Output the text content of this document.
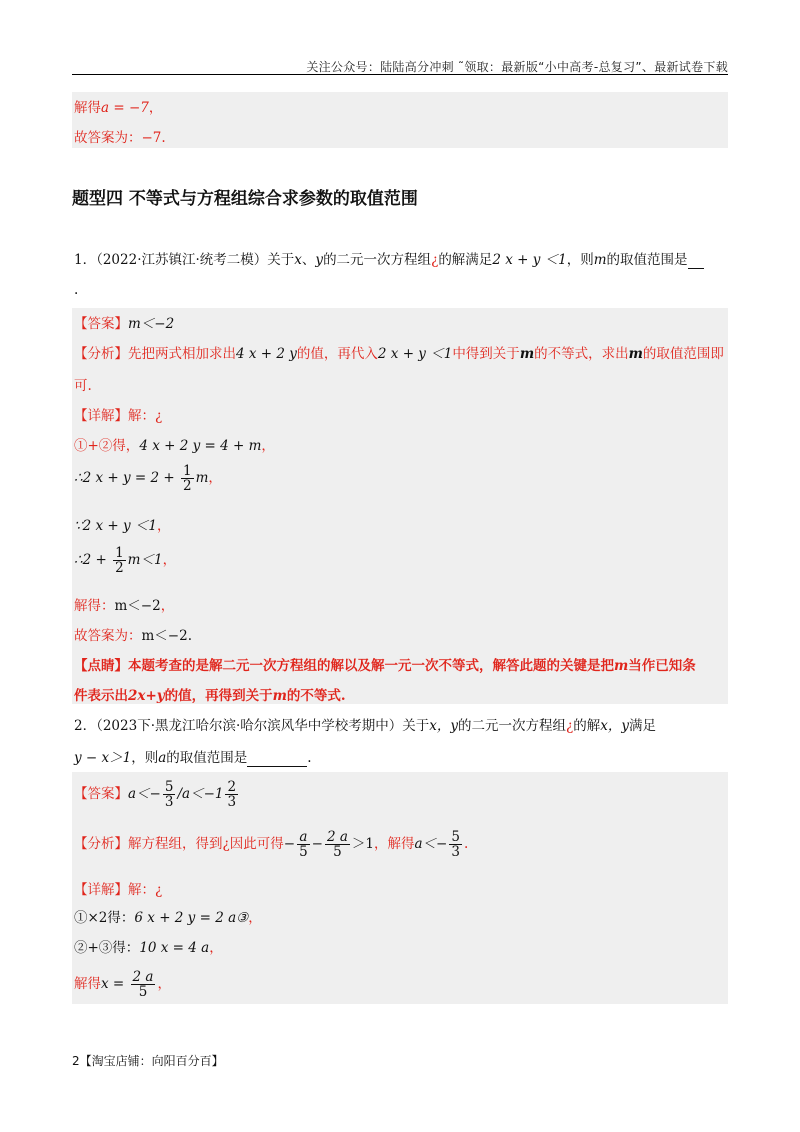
关注公众号：陆陆高分冲刺 ˜领取：最新版“小中高考-总复习”、最新试卷下载
解得a = −7，
故答案为：−7.
题型四 不等式与方程组综合求参数的取值范围
1．（2022·江苏镇江·统考二模）关于x、y的二元一次方程组¿的解满足2 x + y ＜1，则m的取值范围是
.
【答案】m＜−2
【分析】先把两式相加求出4 x + 2 y的值，再代入2 x + y ＜1中得到关于m的不等式，求出m的取值范围即
可.
【详解】解：¿
①+②得，4 x + 2 y = 4 + m，
∴2 $x + y = 2 + \frac{1}{2}$ m，
∵2 x + y ＜1，
∴2 + $\frac{1}{2} m<1$，
解得：m＜−2，
故答案为：m＜−2.
【点睛】本题考查的是解二元一次方程组的解以及解一元一次不等式，解答此题的关键是把m当作已知条
件表示出2x+y的值，再得到关于m的不等式.
2．（2023下·黑龙江哈尔滨·哈尔滨风华中学校考期中）关于x，y的二元一次方程组¿的解x，y满足
y − x＞1，则a的取值范围是	.
【答案】$a<- \frac{5}{3} /a<-1 \frac{2}{3}$
【分析】解方程组，得到¿因此可得− $\frac{a}{5} - \frac{2 a}{5} >1$，解得$a<- \frac{5}{3}$ .
【详解】解：¿
①×2得：6 x + 2 y = 2 a③，
②+③得：10 x = 4 a，
解得$x = \frac{2 a}{5}$ ，
2【淘宝店铺：向阳百分百】
